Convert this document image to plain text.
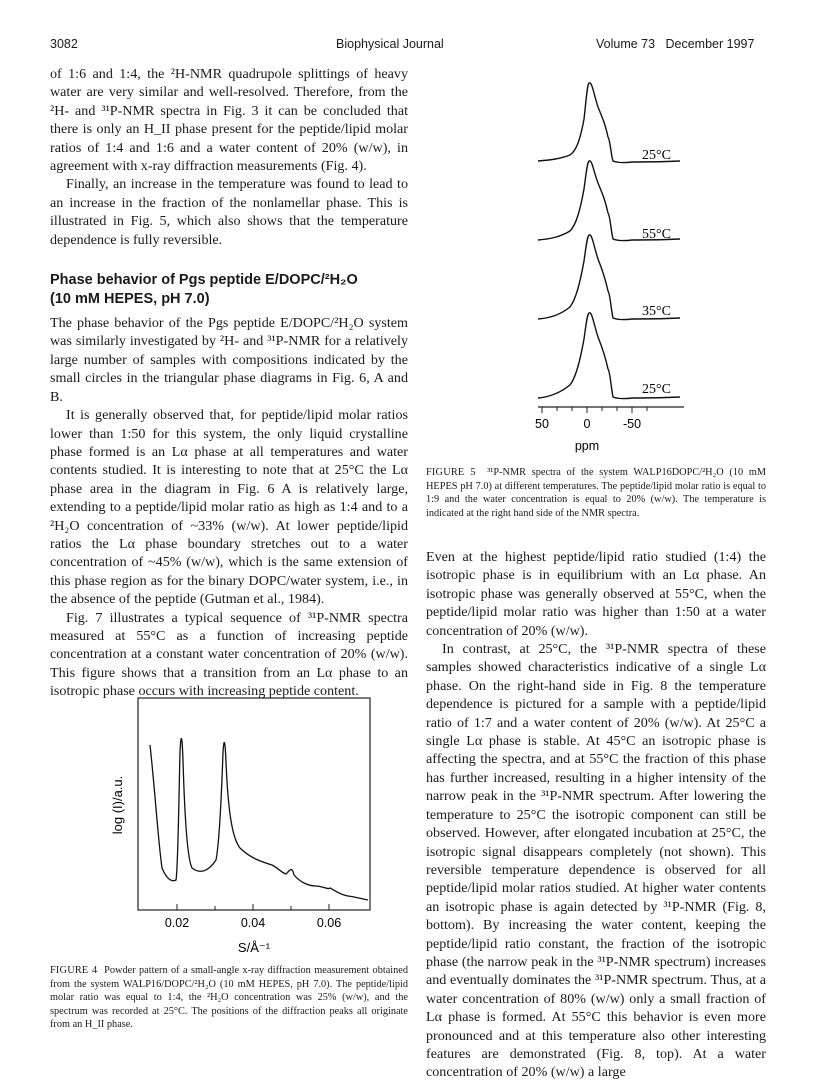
3082	Biophysical Journal	Volume 73   December 1997

of 1:6 and 1:4, the ²H-NMR quadrupole splittings of heavy water are very similar and well-resolved. Therefore, from the ²H- and ³¹P-NMR spectra in Fig. 3 it can be concluded that there is only an H_II phase present for the peptide/lipid molar ratios of 1:4 and 1:6 and a water content of 20% (w/w), in agreement with x-ray diffraction measurements (Fig. 4).

Finally, an increase in the temperature was found to lead to an increase in the fraction of the nonlamellar phase. This is illustrated in Fig. 5, which also shows that the temperature dependence is fully reversible.

Phase behavior of Pgs peptide E/DOPC/²H₂O

(10 mM HEPES, pH 7.0)

The phase behavior of the Pgs peptide E/DOPC/²H₂O system was similarly investigated by ²H- and ³¹P-NMR for a relatively large number of samples with compositions indicated by the small circles in the triangular phase diagrams in Fig. 6, A and B.

It is generally observed that, for peptide/lipid molar ratios lower than 1:50 for this system, the only liquid crystalline phase formed is an Lα phase at all temperatures and water contents studied. It is interesting to note that at 25°C the Lα phase area in the diagram in Fig. 6 A is relatively large, extending to a peptide/lipid molar ratio as high as 1:4 and to a ²H₂O concentration of ~33% (w/w). At lower peptide/lipid ratios the Lα phase boundary stretches out to a water concentration of ~45% (w/w), which is the same extension of this phase region as for the binary DOPC/water system, i.e., in the absence of the peptide (Gutman et al., 1984).

Fig. 7 illustrates a typical sequence of ³¹P-NMR spectra measured at 55°C as a function of increasing peptide concentration at a constant water concentration of 20% (w/w). This figure shows that a transition from an Lα phase to an isotropic phase occurs with increasing peptide content.

0.02	0.04	0.06
S/Å⁻¹
log (I)/a.u.
FIGURE 4 Powder pattern of a small-angle x-ray diffraction measurement obtained from the system WALP16/DOPC/²H₂O (10 mM HEPES, pH 7.0). The peptide/lipid molar ratio was equal to 1:4, the ²H₂O concentration was 25% (w/w), and the spectrum was recorded at 25°C. The positions of the diffraction peaks all originate from an H_II phase.
25°C
55°C
35°C
25°C
50	0	-50
ppm
FIGURE 5 ³¹P-NMR spectra of the system WALP16DOPC/²H₂O (10 mM HEPES pH 7.0) at different temperatures. The peptide/lipid molar ratio is equal to 1:9 and the water concentration is equal to 20% (w/w). The temperature is indicated at the right hand side of the NMR spectra.

Even at the highest peptide/lipid ratio studied (1:4) the isotropic phase is in equilibrium with an Lα phase. An isotropic phase was generally observed at 55°C, when the peptide/lipid molar ratio was higher than 1:50 at a water concentration of 20% (w/w).

In contrast, at 25°C, the ³¹P-NMR spectra of these samples showed characteristics indicative of a single Lα phase. On the right-hand side in Fig. 8 the temperature dependence is pictured for a sample with a peptide/lipid ratio of 1:7 and a water content of 20% (w/w). At 25°C a single Lα phase is stable. At 45°C an isotropic phase is affecting the spectra, and at 55°C the fraction of this phase has further increased, resulting in a higher intensity of the narrow peak in the ³¹P-NMR spectrum. After lowering the temperature to 25°C the isotropic component can still be observed. However, after elongated incubation at 25°C, the isotropic signal disappears completely (not shown). This reversible temperature dependence is observed for all peptide/lipid molar ratios studied. At higher water contents an isotropic phase is again detected by ³¹P-NMR (Fig. 8, bottom). By increasing the water content, keeping the peptide/lipid ratio constant, the fraction of the isotropic phase (the narrow peak in the ³¹P-NMR spectrum) increases and eventually dominates the ³¹P-NMR spectrum. Thus, at a water concentration of 80% (w/w) only a small fraction of Lα phase is formed. At 55°C this behavior is even more pronounced and at this temperature also other interesting features are demonstrated (Fig. 8, top). At a water concentration of 20% (w/w) a large
